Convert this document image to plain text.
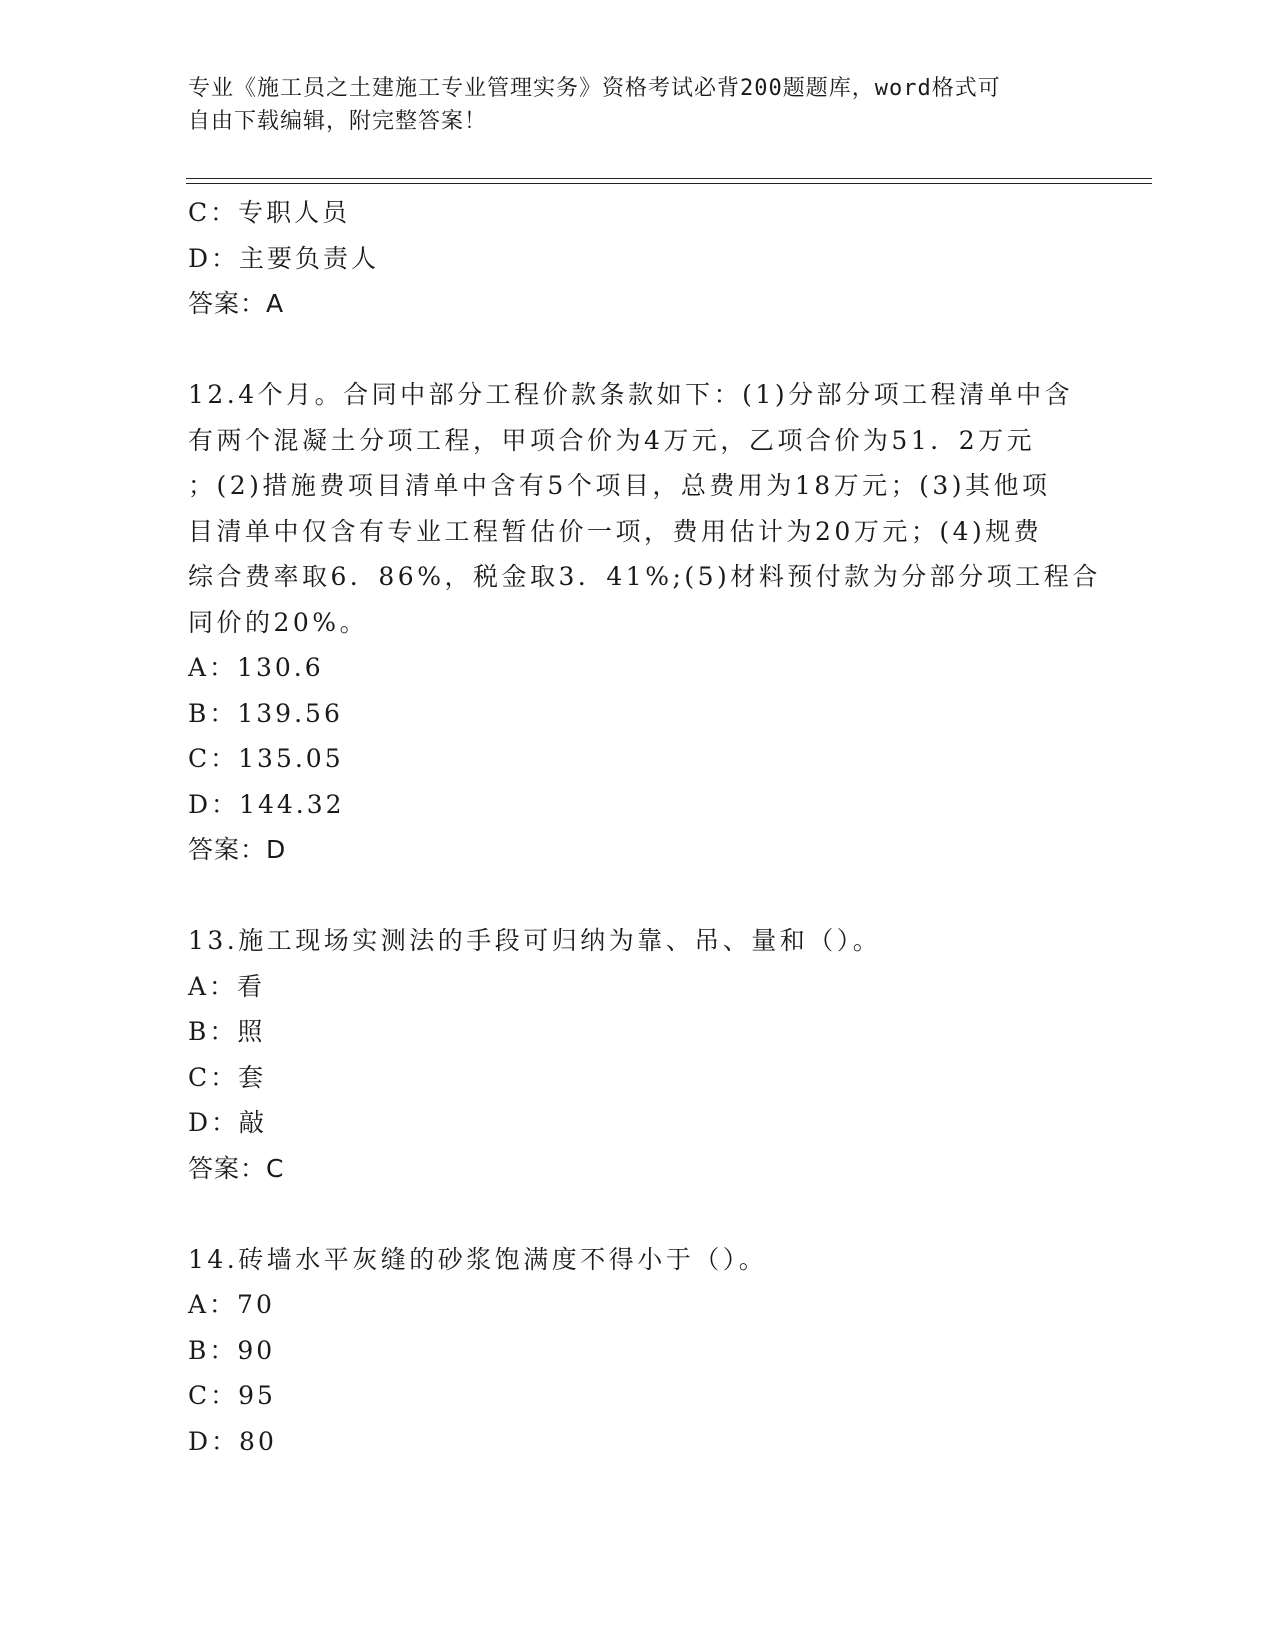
专业《施工员之土建施工专业管理实务》资格考试必背200题题库，word格式可
自由下载编辑，附完整答案！
C：专职人员
D：主要负责人
答案：A
12.4个月。合同中部分工程价款条款如下：(1)分部分项工程清单中含
有两个混凝土分项工程，甲项合价为4万元，乙项合价为51．2万元
；(2)措施费项目清单中含有5个项目，总费用为18万元；(3)其他项
目清单中仅含有专业工程暂估价一项，费用估计为20万元；(4)规费
综合费率取6．86%，税金取3．41%;(5)材料预付款为分部分项工程合
同价的20%。
A：130.6
B：139.56
C：135.05
D：144.32
答案：D
13.施工现场实测法的手段可归纳为靠、吊、量和（）。
A：看
B：照
C：套
D：敲
答案：C
14.砖墙水平灰缝的砂浆饱满度不得小于（）。
A：70
B：90
C：95
D：80
